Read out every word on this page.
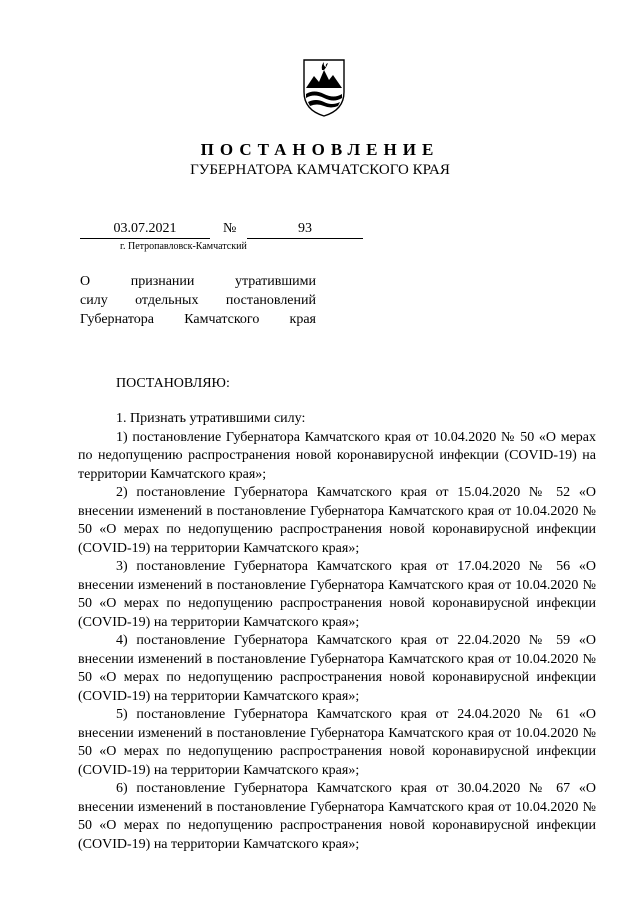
ПОСТАНОВЛЕНИЕ
ГУБЕРНАТОРА КАМЧАТСКОГО КРАЯ
03.07.2021	№	93
г. Петропавловск-Камчатский
О	признании	утратившими
силу отдельных постановлений
Губернатора Камчатского края
ПОСТАНОВЛЯЮ:

1. Признать утратившими силу:

1) постановление Губернатора Камчатского края от 10.04.2020 № 50 «О мерах по недопущению распространения новой коронавирусной инфекции (COVID-19) на территории Камчатского края»;

2) постановление Губернатора Камчатского края от 15.04.2020 № 52 «О внесении изменений в постановление Губернатора Камчатского края от 10.04.2020 № 50 «О мерах по недопущению распространения новой коронавирусной инфекции (COVID-19) на территории Камчатского края»;

3) постановление Губернатора Камчатского края от 17.04.2020 № 56 «О внесении изменений в постановление Губернатора Камчатского края от 10.04.2020 № 50 «О мерах по недопущению распространения новой коронавирусной инфекции (COVID-19) на территории Камчатского края»;

4) постановление Губернатора Камчатского края от 22.04.2020 № 59 «О внесении изменений в постановление Губернатора Камчатского края от 10.04.2020 № 50 «О мерах по недопущению распространения новой коронавирусной инфекции (COVID-19) на территории Камчатского края»;

5) постановление Губернатора Камчатского края от 24.04.2020 № 61 «О внесении изменений в постановление Губернатора Камчатского края от 10.04.2020 № 50 «О мерах по недопущению распространения новой коронавирусной инфекции (COVID-19) на территории Камчатского края»;

6) постановление Губернатора Камчатского края от 30.04.2020 № 67 «О внесении изменений в постановление Губернатора Камчатского края от 10.04.2020 № 50 «О мерах по недопущению распространения новой коронавирусной инфекции (COVID-19) на территории Камчатского края»;
